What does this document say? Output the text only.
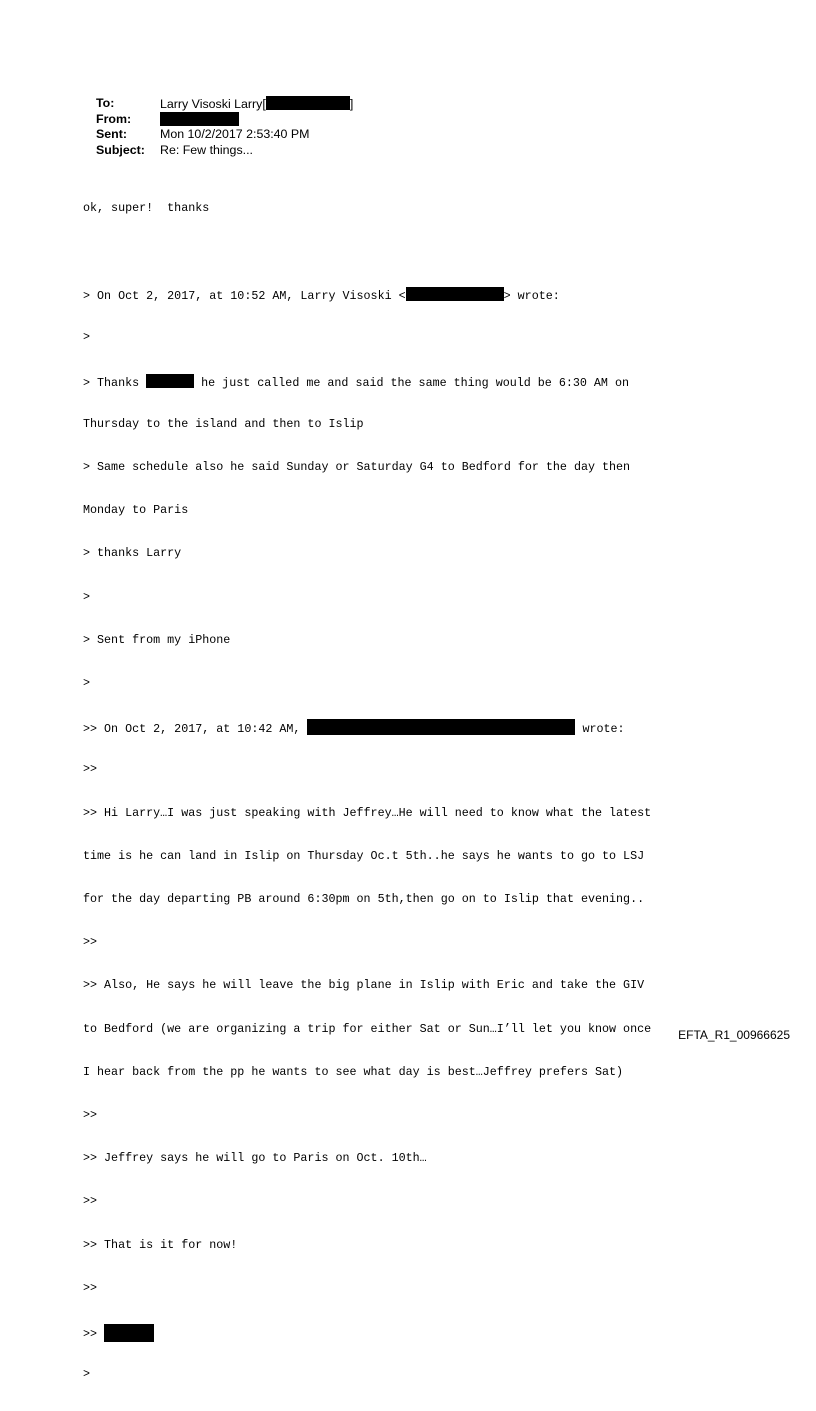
To:	Larry Visoski Larry[	]
From:
Sent:	Mon 10/2/2017 2:53:40 PM
Subject:	Re: Few things...

ok, super!  thanks

> On Oct 2, 2017, at 10:52 AM, Larry Visoski <	> wrote:

>

> Thanks	he just called me and said the same thing would be 6:30 AM on

Thursday to the island and then to Islip

> Same schedule also he said Sunday or Saturday G4 to Bedford for the day then

Monday to Paris

> thanks Larry

>

> Sent from my iPhone

>

>> On Oct 2, 2017, at 10:42 AM,	wrote:

>>

>> Hi Larry…I was just speaking with Jeffrey…He will need to know what the latest

time is he can land in Islip on Thursday Oc.t 5th..he says he wants to go to LSJ

for the day departing PB around 6:30pm on 5th,then go on to Islip that evening..

>>

>> Also, He says he will leave the big plane in Islip with Eric and take the GIV

to Bedford (we are organizing a trip for either Sat or Sun…I’ll let you know once

I hear back from the pp he wants to see what day is best…Jeffrey prefers Sat)

>>

>> Jeffrey says he will go to Paris on Oct. 10th…

>>

>> That is it for now!

>>

>>

>

EFTA_R1_00966625
